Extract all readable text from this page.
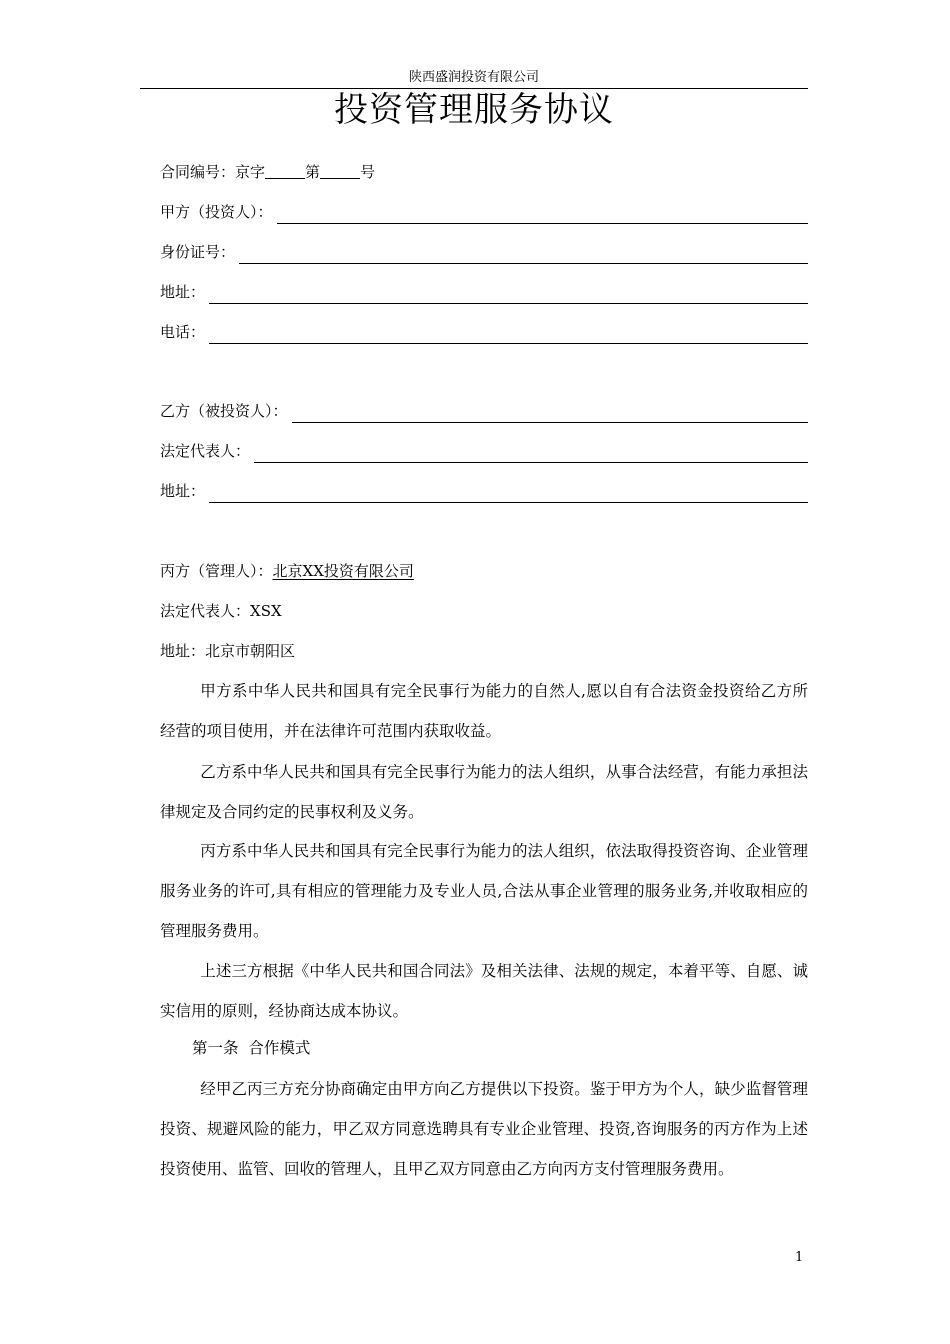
陕西盛润投资有限公司
投资管理服务协议
合同编号：京字	第	号
甲方（投资人）：
身份证号：
地址：
电话：
乙方（被投资人）：
法定代表人：
地址：
丙方（管理人）：北京XX投资有限公司
法定代表人：XSX
地址：北京市朝阳区

甲方系中华人民共和国具有完全民事行为能力的自然人,愿以自有合法资金投资给乙方所经营的项目使用，并在法律许可范围内获取收益。

乙方系中华人民共和国具有完全民事行为能力的法人组织，从事合法经营，有能力承担法律规定及合同约定的民事权利及义务。

丙方系中华人民共和国具有完全民事行为能力的法人组织，依法取得投资咨询、企业管理服务业务的许可,具有相应的管理能力及专业人员,合法从事企业管理的服务业务,并收取相应的管理服务费用。

上述三方根据《中华人民共和国合同法》及相关法律、法规的规定，本着平等、自愿、诚实信用的原则，经协商达成本协议。

第一条  合作模式

经甲乙丙三方充分协商确定由甲方向乙方提供以下投资。鉴于甲方为个人，缺少监督管理投资、规避风险的能力，甲乙双方同意选聘具有专业企业管理、投资,咨询服务的丙方作为上述投资使用、监管、回收的管理人，且甲乙双方同意由乙方向丙方支付管理服务费用。

1
